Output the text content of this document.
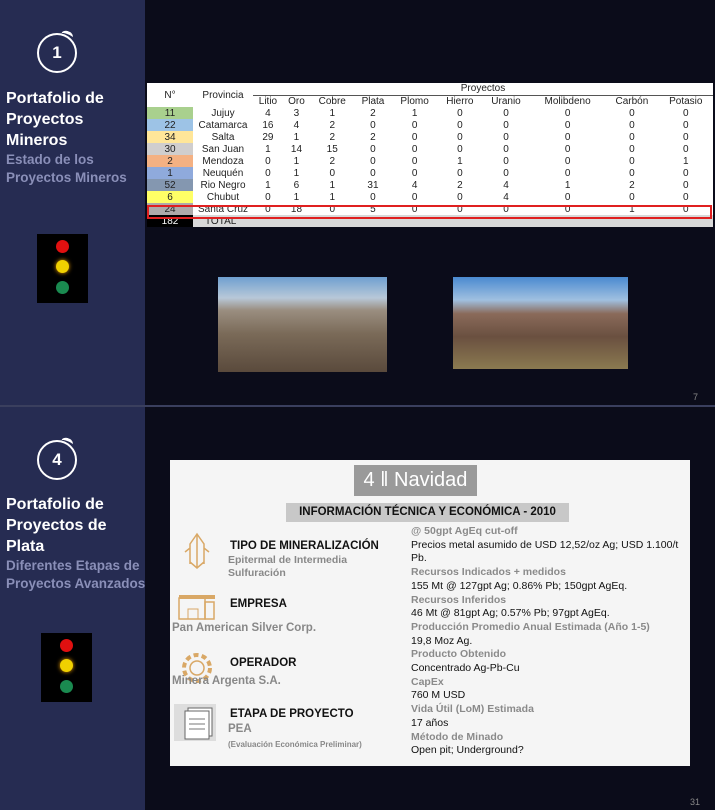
1
Portafolio de Proyectos Mineros
Estado de los Proyectos Mineros
4
Portafolio de Proyectos de Plata
Diferentes Etapas de Proyectos Avanzados
N°	Provincia	Proyectos									
		Litio	Oro	Cobre	Plata	Plomo	Hierro	Uranio	Molibdeno	Carbón	Potasio
11	Jujuy	4	3	1	2	1	0	0	0	0	0
22	Catamarca	16	4	2	0	0	0	0	0	0	0
34	Salta	29	1	2	2	0	0	0	0	0	0
30	San Juan	1	14	15	0	0	0	0	0	0	0
2	Mendoza	0	1	2	0	0	1	0	0	0	1
1	Neuquén	0	1	0	0	0	0	0	0	0	0
52	Rio Negro	1	6	1	31	4	2	4	1	2	0
6	Chubut	0	1	1	0	0	0	4	0	0	0
24	Santa Cruz	0	18	0	5	0	0	0	0	1	0
182	TOTAL										
7
4 ǁ Navidad
INFORMACIÓN TÉCNICA Y ECONÓMICA - 2010
TIPO DE MINERALIZACIÓN
Epitermal de Intermedia Sulfuración
EMPRESA
Pan American Silver Corp.
OPERADOR
Minera Argenta S.A.
ETAPA DE PROYECTO
PEA
(Evaluación Económica Preliminar)
@ 50gpt AgEq cut-off
Precios metal asumido de USD 12,52/oz Ag; USD 1.100/t Pb.
Recursos Indicados + medidos
155 Mt @ 127gpt Ag; 0.86% Pb; 150gpt AgEq.
Recursos Inferidos
46 Mt @ 81gpt Ag; 0.57% Pb; 97gpt AgEq.
Producción Promedio Anual Estimada (Año 1-5)
19,8 Moz Ag.
Producto Obtenido
Concentrado Ag-Pb-Cu
CapEx
760 M USD
Vida Útil (LoM) Estimada
17 años
Método de Minado
Open pit; Underground?
31
